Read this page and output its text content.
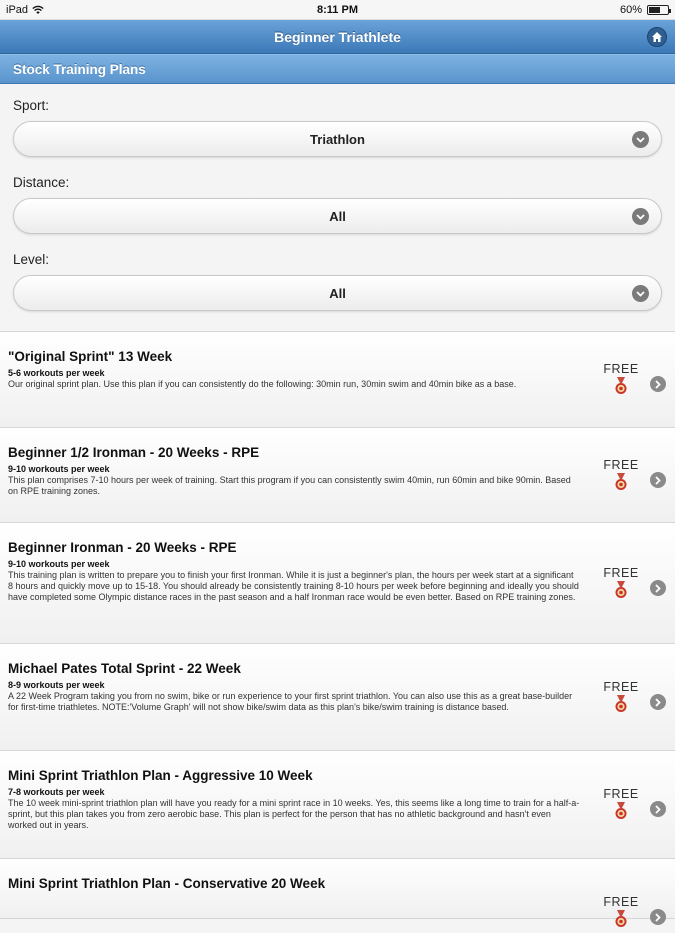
iPad	8:11 PM	60%
Beginner Triathlete
Stock Training Plans
Sport:
Triathlon
Distance:
All
Level:
All
"Original Sprint" 13 Week
5-6 workouts per week
Our original sprint plan. Use this plan if you can consistently do the following: 30min run, 30min swim and 40min bike as a base.
FREE
Beginner 1/2 Ironman - 20 Weeks - RPE
9-10 workouts per week
This plan comprises 7-10 hours per week of training. Start this program if you can consistently swim 40min, run 60min and bike 90min. Based on RPE training zones.
FREE
Beginner Ironman - 20 Weeks - RPE
9-10 workouts per week
This training plan is written to prepare you to finish your first Ironman. While it is just a beginner's plan, the hours per week start at a significant 8 hours and quickly move up to 15-18. You should already be consistently training 8-10 hours per week before beginning and ideally you should have completed some Olympic distance races in the past season and a half Ironman race would be even better. Based on RPE training zones.
FREE
Michael Pates Total Sprint - 22 Week
8-9 workouts per week
A 22 Week Program taking you from no swim, bike or run experience to your first sprint triathlon. You can also use this as a great base-builder for first-time triathletes. NOTE:'Volume Graph' will not show bike/swim data as this plan's bike/swim training is distance based.
FREE
Mini Sprint Triathlon Plan - Aggressive 10 Week
7-8 workouts per week
The 10 week mini-sprint triathlon plan will have you ready for a mini sprint race in 10 weeks. Yes, this seems like a long time to train for a half-a-sprint, but this plan takes you from zero aerobic base. This plan is perfect for the person that has no athletic background and hasn't even worked out in years.
FREE
Mini Sprint Triathlon Plan - Conservative 20 Week
FREE
